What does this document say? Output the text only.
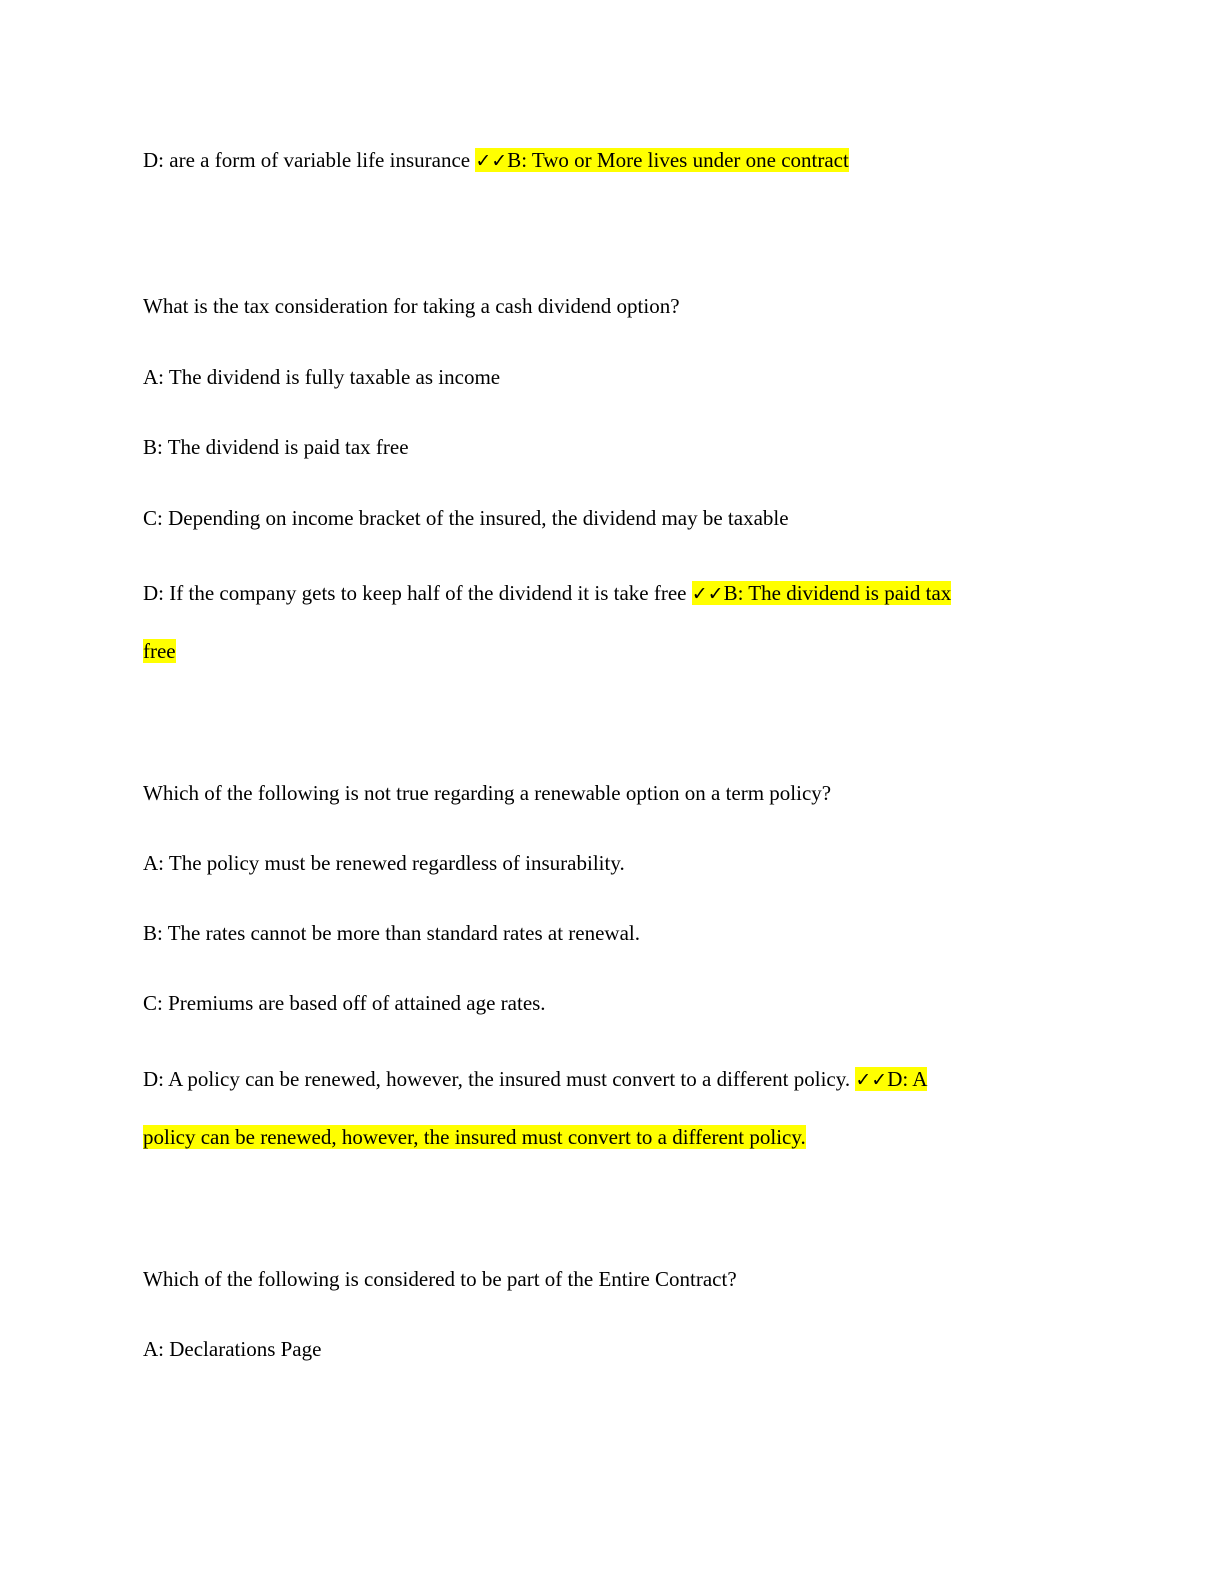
D: are a form of variable life insurance ✓✓B: Two or More lives under one contract
What is the tax consideration for taking a cash dividend option?
A: The dividend is fully taxable as income
B: The dividend is paid tax free
C: Depending on income bracket of the insured, the dividend may be taxable
D: If the company gets to keep half of the dividend it is take free ✓✓B: The dividend is paid tax
free
Which of the following is not true regarding a renewable option on a term policy?
A: The policy must be renewed regardless of insurability.
B: The rates cannot be more than standard rates at renewal.
C: Premiums are based off of attained age rates.
D: A policy can be renewed, however, the insured must convert to a different policy. ✓✓D: A
policy can be renewed, however, the insured must convert to a different policy.
Which of the following is considered to be part of the Entire Contract?
A: Declarations Page
